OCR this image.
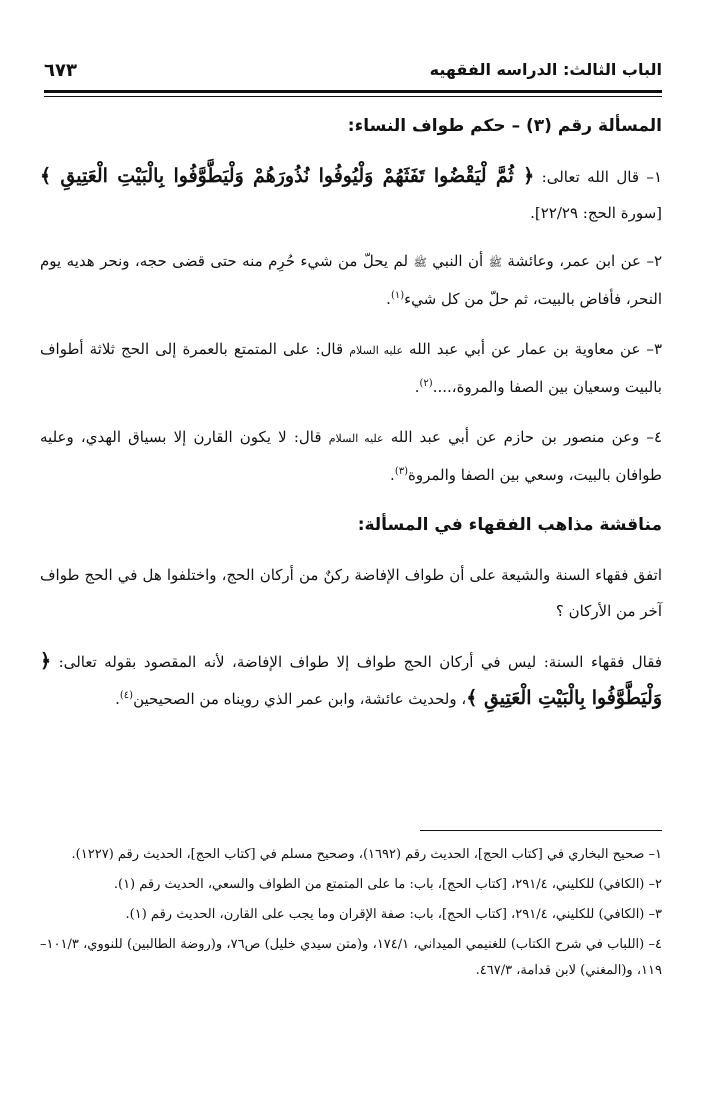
الباب الثالث: الدراسه الفقهيه
٦٧٣

المسألة رقم (٣) – حكم طواف النساء:

١– قال الله تعالى: ﴿ ثُمَّ لْيَقْضُوا تَفَثَهُمْ وَلْيُوفُوا نُذُورَهُمْ وَلْيَطَّوَّفُوا بِالْبَيْتِ الْعَتِيقِ ﴾ [سورة الحج: ٢٢/٢٩].

٢– عن ابن عمر، وعائشة ﷺ أن النبي ﷺ لم يحلّ من شيء حُرِم منه حتى قضى حجه، ونحر هديه يوم النحر، فأفاض بالبيت، ثم حلّ من كل شيء$^{(١)}$.

٣– عن معاوية بن عمار عن أبي عبد الله عليه السلام قال: على المتمتع بالعمرة إلى الحج ثلاثة أطواف بالبيت وسعيان بين الصفا والمروة،....$^{(٢)}$.

٤– وعن منصور بن حازم عن أبي عبد الله عليه السلام قال: لا يكون القارن إلا بسياق الهدي، وعليه طوافان بالبيت، وسعي بين الصفا والمروة$^{(٣)}$.

مناقشة مذاهب الفقهاء في المسألة:

اتفق فقهاء السنة والشيعة على أن طواف الإفاضة ركنٌ من أركان الحج، واختلفوا هل في الحج طواف آخر من الأركان ؟

فقال فقهاء السنة: ليس في أركان الحج طواف إلا طواف الإفاضة، لأنه المقصود بقوله تعالى: ﴿ وَلْيَطَّوَّفُوا بِالْبَيْتِ الْعَتِيقِ ﴾، ولحديث عائشة، وابن عمر الذي رويناه من الصحيحين$^{(٤)}$.

١– صحيح البخاري في [كتاب الحج]، الحديث رقم (١٦٩٢)، وصحيح مسلم في [كتاب الحج]، الحديث رقم (١٢٢٧).

٢– (الكافي) للكليني، ٢٩١/٤، [كتاب الحج]، باب: ما على المتمتع من الطواف والسعي، الحديث رقم (١).

٣– (الكافي) للكليني، ٢٩١/٤، [كتاب الحج]، باب: صفة الإقران وما يجب على القارن، الحديث رقم (١).

٤– (اللباب في شرح الكتاب) للغنيمي الميداني، ١٧٤/١، و(متن سيدي خليل) ص٧٦، و(روضة الطالبين) للنووي، ١٠١/٣–١١٩، و(المغني) لابن قدامة، ٤٦٧/٣.
